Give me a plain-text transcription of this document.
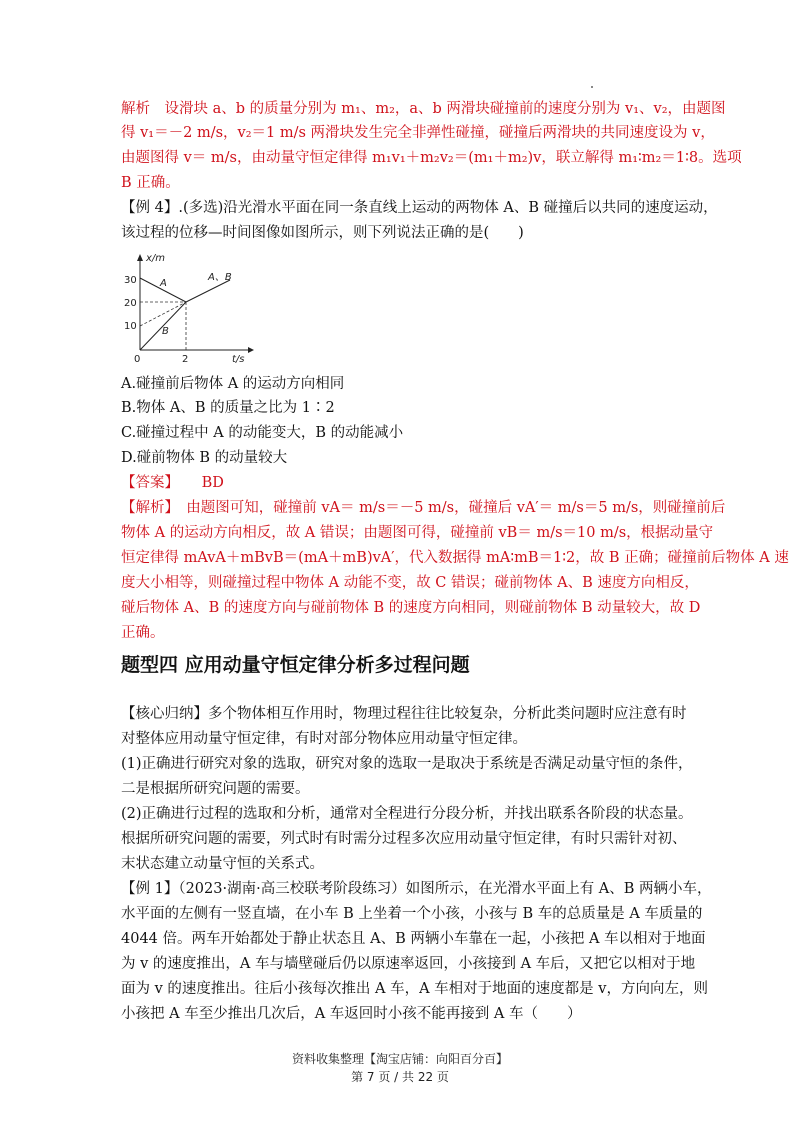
解析　设滑块 a、b 的质量分别为 m₁、m₂，a、b 两滑块碰撞前的速度分别为 v₁、v₂，由题图
得 v₁＝－2 m/s，v₂＝1 m/s 两滑块发生完全非弹性碰撞，碰撞后两滑块的共同速度设为 v，
由题图得 v＝ m/s，由动量守恒定律得 m₁v₁＋m₂v₂＝(m₁＋m₂)v，联立解得 m₁∶m₂＝1∶8。选项
B 正确。
【例 4】.(多选)沿光滑水平面在同一条直线上运动的两物体 A、B 碰撞后以共同的速度运动，
该过程的位移—时间图像如图所示，则下列说法正确的是(　　)
x/m
t/s
30
20
10
0	2
A
B
A、B
A.碰撞前后物体 A 的运动方向相同
B.物体 A、B 的质量之比为 1∶2
C.碰撞过程中 A 的动能变大，B 的动能减小
D.碰前物体 B 的动量较大
【答案】 BD
【解析】　由题图可知，碰撞前 vA＝ m/s＝－5 m/s，碰撞后 vA′＝ m/s＝5 m/s，则碰撞前后
物体 A 的运动方向相反，故 A 错误；由题图可得，碰撞前 vB＝ m/s＝10 m/s，根据动量守
恒定律得 mAvA＋mBvB＝(mA＋mB)vA′，代入数据得 mA∶mB＝1∶2，故 B 正确；碰撞前后物体 A 速
度大小相等，则碰撞过程中物体 A 动能不变，故 C 错误；碰前物体 A、B 速度方向相反，
碰后物体 A、B 的速度方向与碰前物体 B 的速度方向相同，则碰前物体 B 动量较大，故 D
正确。
题型四 应用动量守恒定律分析多过程问题
【核心归纳】多个物体相互作用时，物理过程往往比较复杂，分析此类问题时应注意有时
对整体应用动量守恒定律，有时对部分物体应用动量守恒定律。
(1)正确进行研究对象的选取，研究对象的选取一是取决于系统是否满足动量守恒的条件，
二是根据所研究问题的需要。
(2)正确进行过程的选取和分析，通常对全程进行分段分析，并找出联系各阶段的状态量。
根据所研究问题的需要，列式时有时需分过程多次应用动量守恒定律，有时只需针对初、
末状态建立动量守恒的关系式。
【例 1】（2023·湖南·高三校联考阶段练习）如图所示，在光滑水平面上有 A、B 两辆小车，
水平面的左侧有一竖直墙，在小车 B 上坐着一个小孩，小孩与 B 车的总质量是 A 车质量的
4044 倍。两车开始都处于静止状态且 A、B 两辆小车靠在一起，小孩把 A 车以相对于地面
为 v 的速度推出，A 车与墙壁碰后仍以原速率返回，小孩接到 A 车后，又把它以相对于地
面为 v 的速度推出。往后小孩每次推出 A 车，A 车相对于地面的速度都是 v，方向向左，则
小孩把 A 车至少推出几次后，A 车返回时小孩不能再接到 A 车（　　）
资料收集整理【淘宝店铺：向阳百分百】
第 7 页 / 共 22 页
